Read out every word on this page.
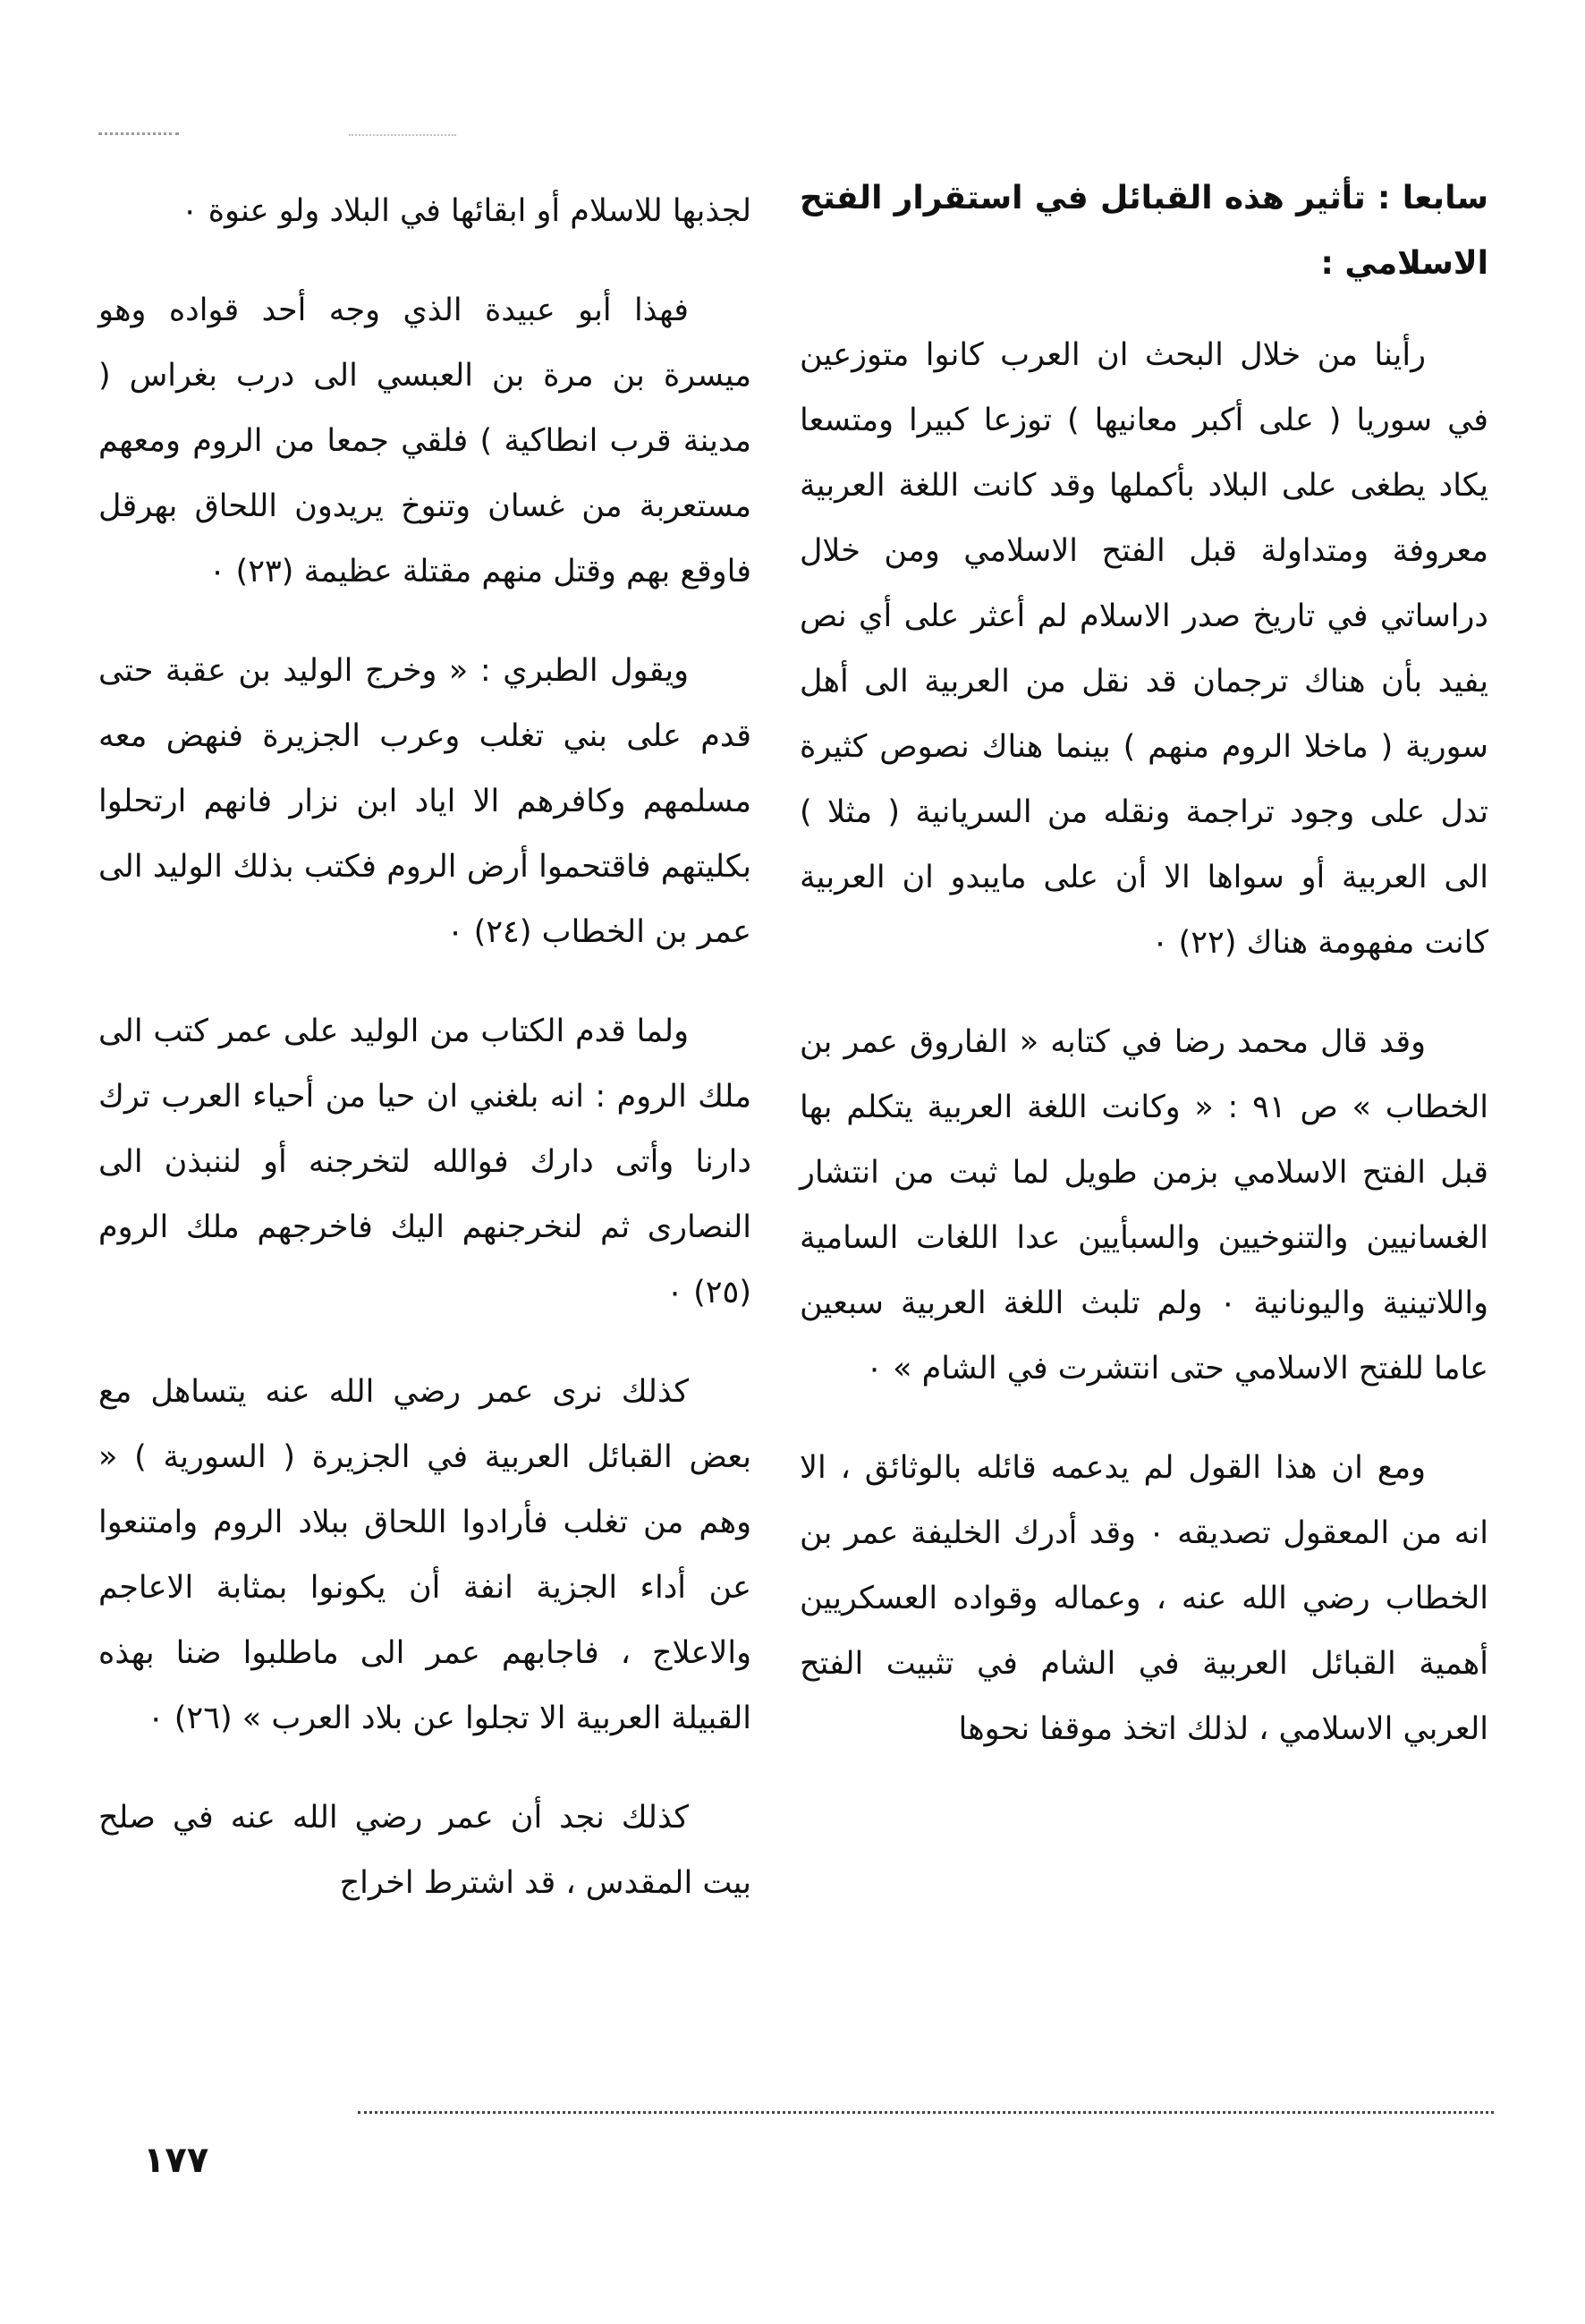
سابعا : تأثير هذه القبائل في استقرار الفتح الاسلامي :

رأينا من خلال البحث ان العرب كانوا متوزعين في سوريا ( على أكبر معانيها ) توزعا كبيرا ومتسعا يكاد يطغى على البلاد بأكملها وقد كانت اللغة العربية معروفة ومتداولة قبل الفتح الاسلامي ومن خلال دراساتي في تاريخ صدر الاسلام لم أعثر على أي نص يفيد بأن هناك ترجمان قد نقل من العربية الى أهل سورية ( ماخلا الروم منهم ) بينما هناك نصوص كثيرة تدل على وجود تراجمة ونقله من السريانية ( مثلا ) الى العربية أو سواها الا أن على مايبدو ان العربية كانت مفهومة هناك (٢٢) ٠

وقد قال محمد رضا في كتابه « الفاروق عمر بن الخطاب » ص ٩١ : « وكانت اللغة العربية يتكلم بها قبل الفتح الاسلامي بزمن طويل لما ثبت من انتشار الغسانيين والتنوخيين والسبأيين عدا اللغات السامية واللاتينية واليونانية ٠ ولم تلبث اللغة العربية سبعين عاما للفتح الاسلامي حتى انتشرت في الشام » ٠

ومع ان هذا القول لم يدعمه قائله بالوثائق ، الا انه من المعقول تصديقه ٠ وقد أدرك الخليفة عمر بن الخطاب رضي الله عنه ، وعماله وقواده العسكريين أهمية القبائل العربية في الشام في تثبيت الفتح العربي الاسلامي ، لذلك اتخذ موقفا نحوها

لجذبها للاسلام أو ابقائها في البلاد ولو عنوة ٠

فهذا أبو عبيدة الذي وجه أحد قواده وهو ميسرة بن مرة بن العبسي الى درب بغراس ( مدينة قرب انطاكية ) فلقي جمعا من الروم ومعهم مستعربة من غسان وتنوخ يريدون اللحاق بهرقل فاوقع بهم وقتل منهم مقتلة عظيمة (٢٣) ٠

ويقول الطبري : « وخرج الوليد بن عقبة حتى قدم على بني تغلب وعرب الجزيرة فنهض معه مسلمهم وكافرهم الا اياد ابن نزار فانهم ارتحلوا بكليتهم فاقتحموا أرض الروم فكتب بذلك الوليد الى عمر بن الخطاب (٢٤) ٠

ولما قدم الكتاب من الوليد على عمر كتب الى ملك الروم : انه بلغني ان حيا من أحياء العرب ترك دارنا وأتى دارك فوالله لتخرجنه أو لننبذن الى النصارى ثم لنخرجنهم اليك فاخرجهم ملك الروم (٢٥) ٠

كذلك نرى عمر رضي الله عنه يتساهل مع بعض القبائل العربية في الجزيرة ( السورية ) « وهم من تغلب فأرادوا اللحاق ببلاد الروم وامتنعوا عن أداء الجزية انفة أن يكونوا بمثابة الاعاجم والاعلاج ، فاجابهم عمر الى ماطلبوا ضنا بهذه القبيلة العربية الا تجلوا عن بلاد العرب » (٢٦) ٠

كذلك نجد أن عمر رضي الله عنه في صلح بيت المقدس ، قد اشترط اخراج

١٧٧
